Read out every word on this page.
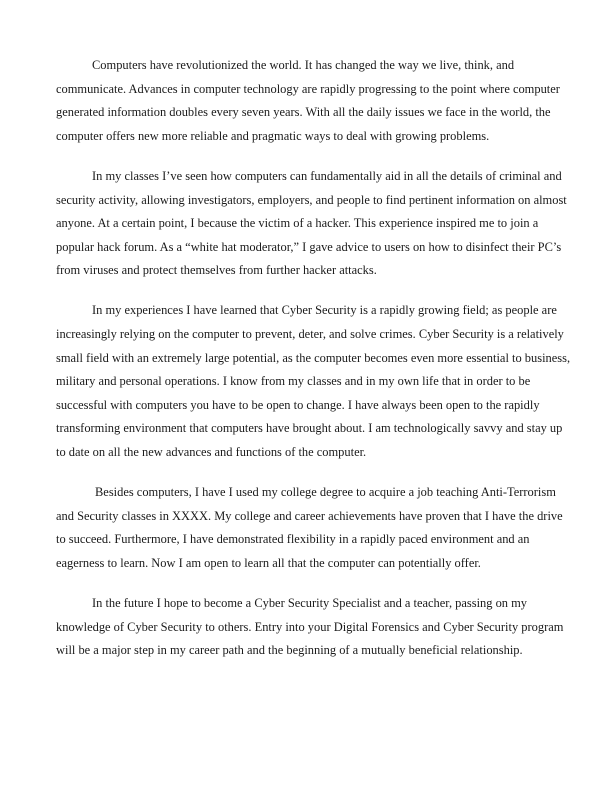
Computers have revolutionized the world. It has changed the way we live, think, and

communicate. Advances in computer technology are rapidly progressing to the point where computer

generated information doubles every seven years. With all the daily issues we face in the world, the

computer offers new more reliable and pragmatic ways to deal with growing problems.

In my classes I’ve seen how computers can fundamentally aid in all the details of criminal and

security activity, allowing investigators, employers, and people to find pertinent information on almost

anyone. At a certain point, I because the victim of a hacker. This experience inspired me to join a

popular hack forum. As a “white hat moderator,” I gave advice to users on how to disinfect their PC’s

from viruses and protect themselves from further hacker attacks.

In my experiences I have learned that Cyber Security is a rapidly growing field; as people are

increasingly relying on the computer to prevent, deter, and solve crimes. Cyber Security is a relatively

small field with an extremely large potential, as the computer becomes even more essential to business,

military and personal operations. I know from my classes and in my own life that in order to be

successful with computers you have to be open to change. I have always been open to the rapidly

transforming environment that computers have brought about. I am technologically savvy and stay up

to date on all the new advances and functions of the computer.

Besides computers, I have I used my college degree to acquire a job teaching Anti-Terrorism

and Security classes in XXXX. My college and career achievements have proven that I have the drive

to succeed. Furthermore, I have demonstrated flexibility in a rapidly paced environment and an

eagerness to learn. Now I am open to learn all that the computer can potentially offer.

In the future I hope to become a Cyber Security Specialist and a teacher, passing on my

knowledge of Cyber Security to others. Entry into your Digital Forensics and Cyber Security program

will be a major step in my career path and the beginning of a mutually beneficial relationship.
